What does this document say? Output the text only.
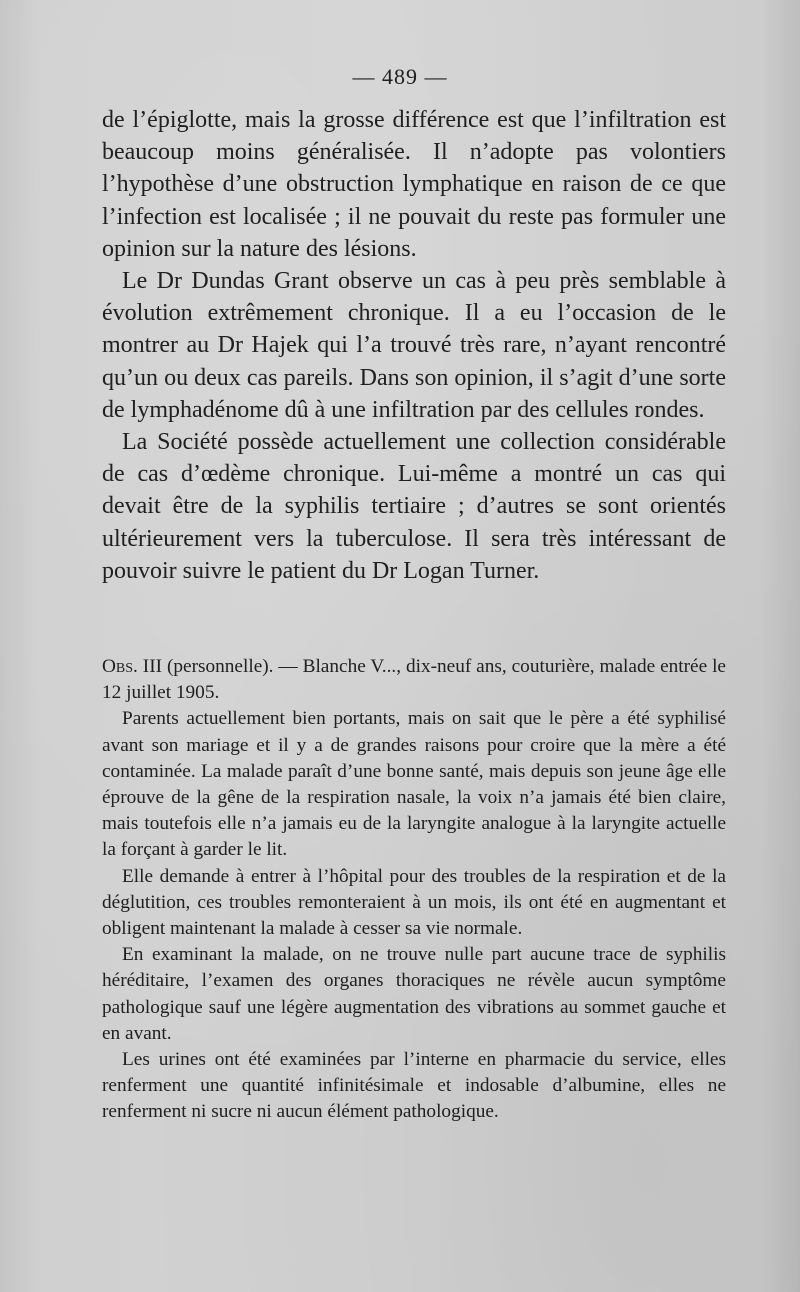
— 489 —

de l’épiglotte, mais la grosse différence est que l’infiltration est beaucoup moins généralisée. Il n’adopte pas volontiers l’hypothèse d’une obstruction lymphatique en raison de ce que l’infection est localisée ; il ne pouvait du reste pas formuler une opinion sur la nature des lésions.

Le Dr Dundas Grant observe un cas à peu près semblable à évolution extrêmement chronique. Il a eu l’occasion de le montrer au Dr Hajek qui l’a trouvé très rare, n’ayant rencontré qu’un ou deux cas pareils. Dans son opinion, il s’agit d’une sorte de lymphadénome dû à une infiltration par des cellules rondes.

La Société possède actuellement une collection considérable de cas d’œdème chronique. Lui-même a montré un cas qui devait être de la syphilis tertiaire ; d’autres se sont orientés ultérieurement vers la tuberculose. Il sera très intéressant de pouvoir suivre le patient du Dr Logan Turner.

Obs. III (personnelle). — Blanche V..., dix-neuf ans, couturière, malade entrée le 12 juillet 1905.

Parents actuellement bien portants, mais on sait que le père a été syphilisé avant son mariage et il y a de grandes raisons pour croire que la mère a été contaminée. La malade paraît d’une bonne santé, mais depuis son jeune âge elle éprouve de la gêne de la respiration nasale, la voix n’a jamais été bien claire, mais toutefois elle n’a jamais eu de la laryngite analogue à la laryngite actuelle la forçant à garder le lit.

Elle demande à entrer à l’hôpital pour des troubles de la respiration et de la déglutition, ces troubles remonteraient à un mois, ils ont été en augmentant et obligent maintenant la malade à cesser sa vie normale.

En examinant la malade, on ne trouve nulle part aucune trace de syphilis héréditaire, l’examen des organes thoraciques ne révèle aucun symptôme pathologique sauf une légère augmentation des vibrations au sommet gauche et en avant.

Les urines ont été examinées par l’interne en pharmacie du service, elles renferment une quantité infinitésimale et indosable d’albumine, elles ne renferment ni sucre ni aucun élément pathologique.
